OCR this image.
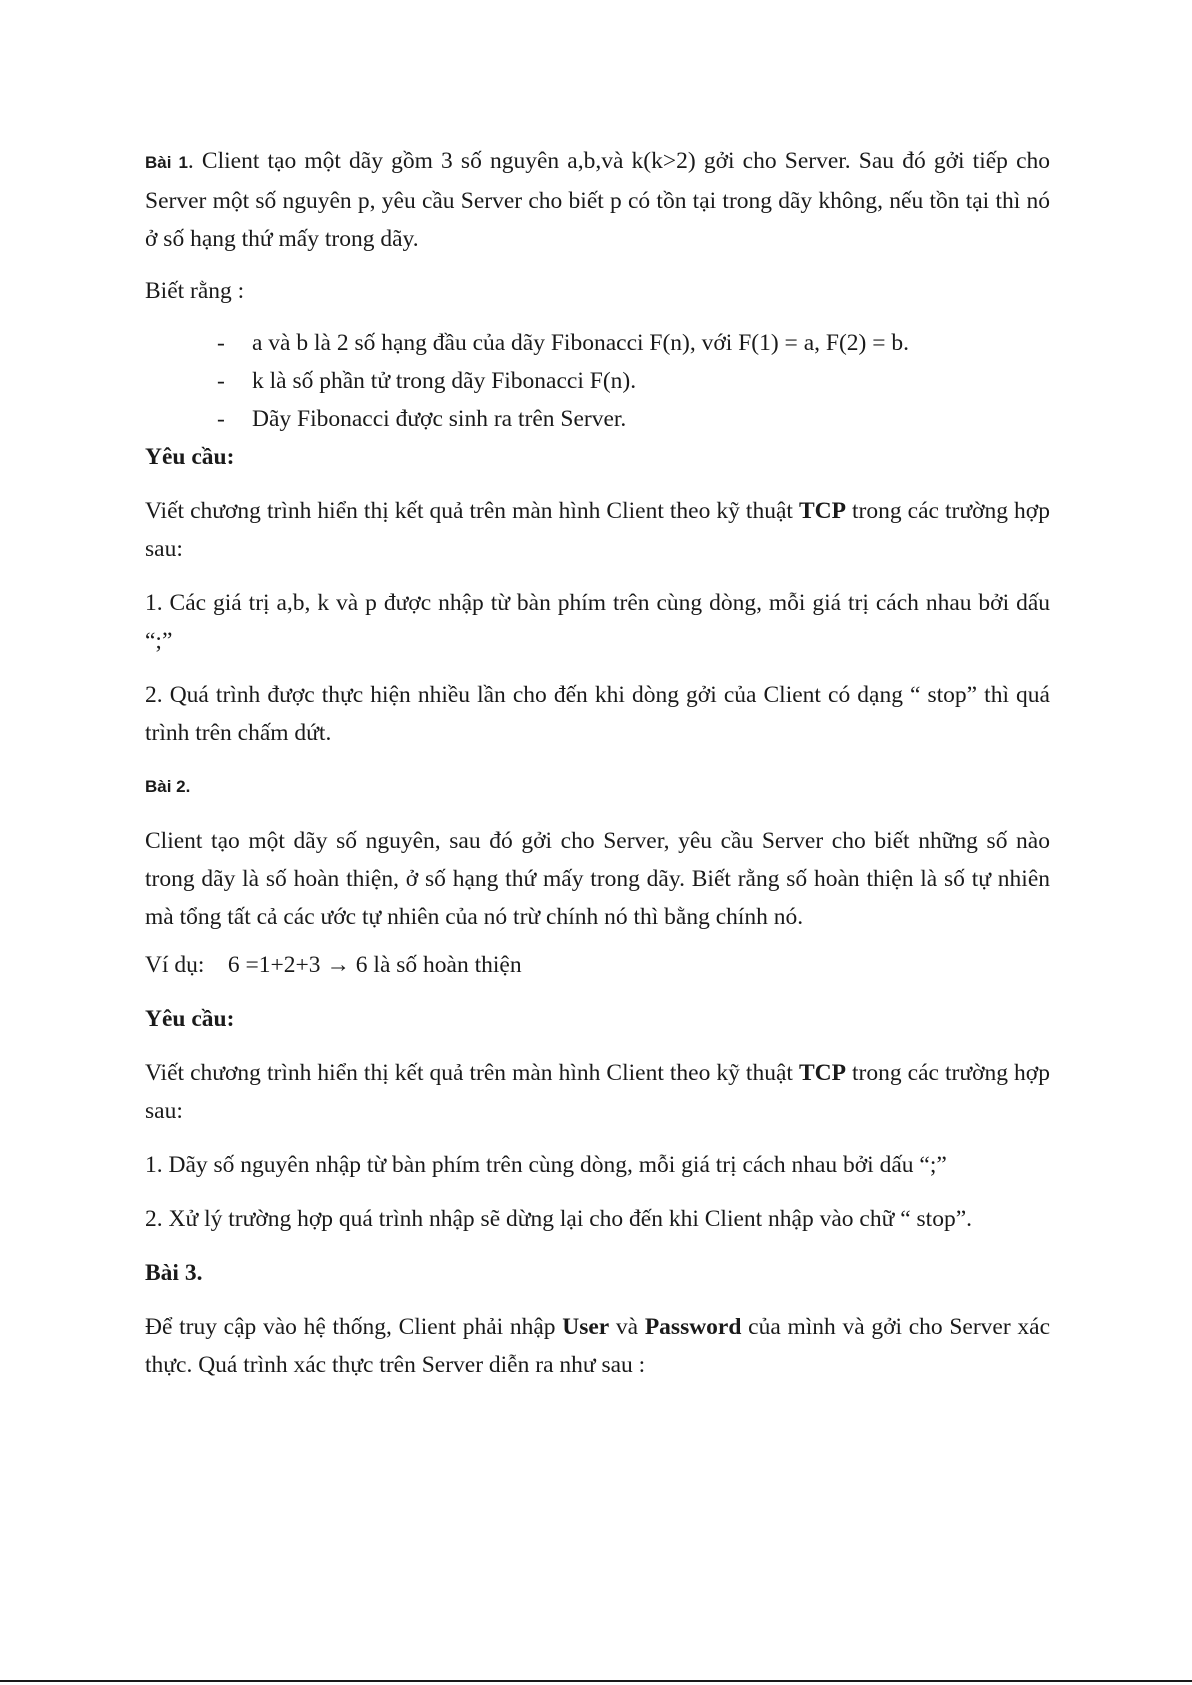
Bài 1. Client tạo một dãy gồm 3 số nguyên a,b,và k(k>2) gởi cho Server. Sau đó gởi tiếp cho Server một số nguyên p, yêu cầu Server cho biết p có tồn tại trong dãy không, nếu tồn tại thì nó ở số hạng thứ mấy trong dãy.

Biết rằng :

- a và b là 2 số hạng đầu của dãy Fibonacci F(n), với F(1) = a, F(2) = b.
- k là số phần tử trong dãy Fibonacci F(n).
- Dãy Fibonacci được sinh ra trên Server.

Yêu cầu:

Viết chương trình hiển thị kết quả trên màn hình Client theo kỹ thuật TCP trong các trường hợp sau:

1. Các giá trị a,b, k và p được nhập từ bàn phím trên cùng dòng, mỗi giá trị cách nhau bởi dấu “;”

2. Quá trình được thực hiện nhiều lần cho đến khi dòng gởi của Client có dạng “ stop” thì quá trình trên chấm dứt.

Bài 2.

Client tạo một dãy số nguyên, sau đó gởi cho Server, yêu cầu Server cho biết những số nào trong dãy là số hoàn thiện, ở số hạng thứ mấy trong dãy. Biết rằng số hoàn thiện là số tự nhiên mà tổng tất cả các ước tự nhiên của nó trừ chính nó thì bằng chính nó.

Ví dụ: 6 =1+2+3 → 6 là số hoàn thiện

Yêu cầu:

Viết chương trình hiển thị kết quả trên màn hình Client theo kỹ thuật TCP trong các trường hợp sau:

1. Dãy số nguyên nhập từ bàn phím trên cùng dòng, mỗi giá trị cách nhau bởi dấu “;”

2. Xử lý trường hợp quá trình nhập sẽ dừng lại cho đến khi Client nhập vào chữ “ stop”.

Bài 3.

Để truy cập vào hệ thống, Client phải nhập User và Password của mình và gởi cho Server xác thực. Quá trình xác thực trên Server diễn ra như sau :
